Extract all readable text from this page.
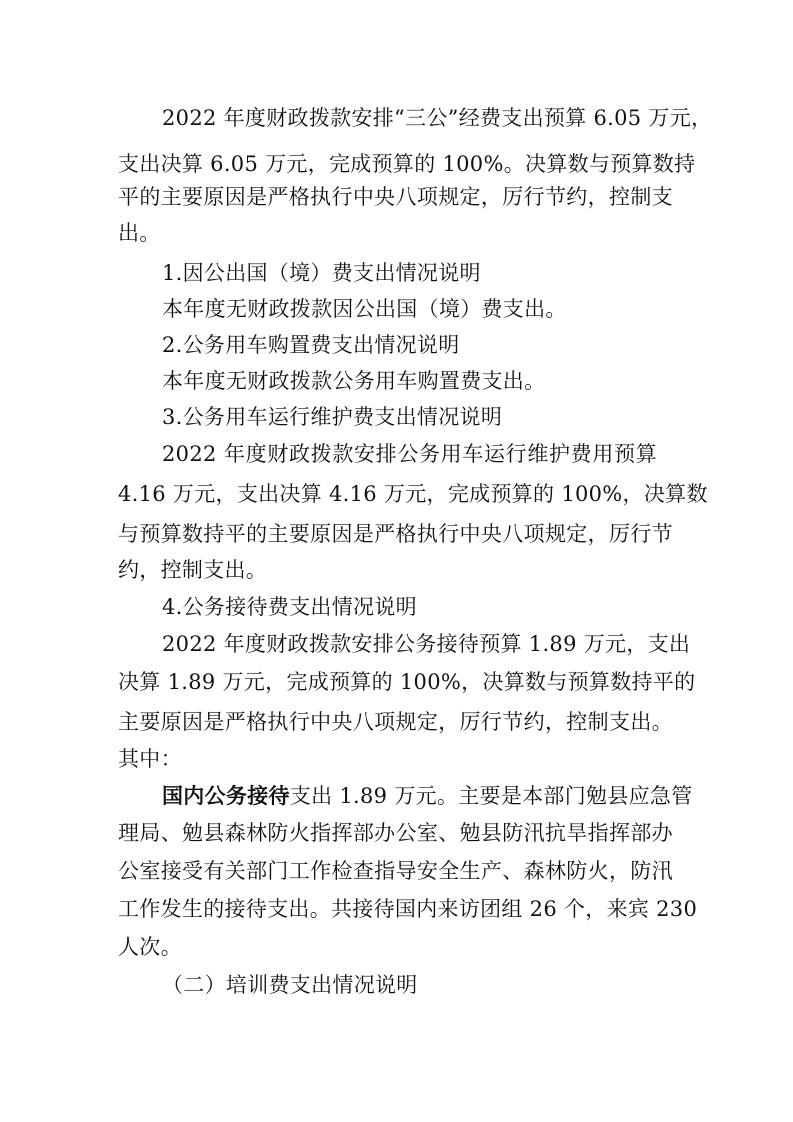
2022 年度财政拨款安排“三公”经费支出预算 6.05 万元，
支出决算 6.05 万元，完成预算的 100%。决算数与预算数持
平的主要原因是严格执行中央八项规定，厉行节约，控制支
出。
1.因公出国（境）费支出情况说明
本年度无财政拨款因公出国（境）费支出。
2.公务用车购置费支出情况说明
本年度无财政拨款公务用车购置费支出。
3.公务用车运行维护费支出情况说明
2022 年度财政拨款安排公务用车运行维护费用预算
4.16 万元，支出决算 4.16 万元，完成预算的 100%，决算数
与预算数持平的主要原因是严格执行中央八项规定，厉行节
约，控制支出。
4.公务接待费支出情况说明
2022 年度财政拨款安排公务接待预算 1.89 万元，支出
决算 1.89 万元，完成预算的 100%，决算数与预算数持平的
主要原因是严格执行中央八项规定，厉行节约，控制支出。
其中：
国内公务接待支出 1.89 万元。主要是本部门勉县应急管
理局、勉县森林防火指挥部办公室、勉县防汛抗旱指挥部办
公室接受有关部门工作检查指导安全生产、森林防火，防汛
工作发生的接待支出。共接待国内来访团组 26 个，来宾 230
人次。
（二）培训费支出情况说明
